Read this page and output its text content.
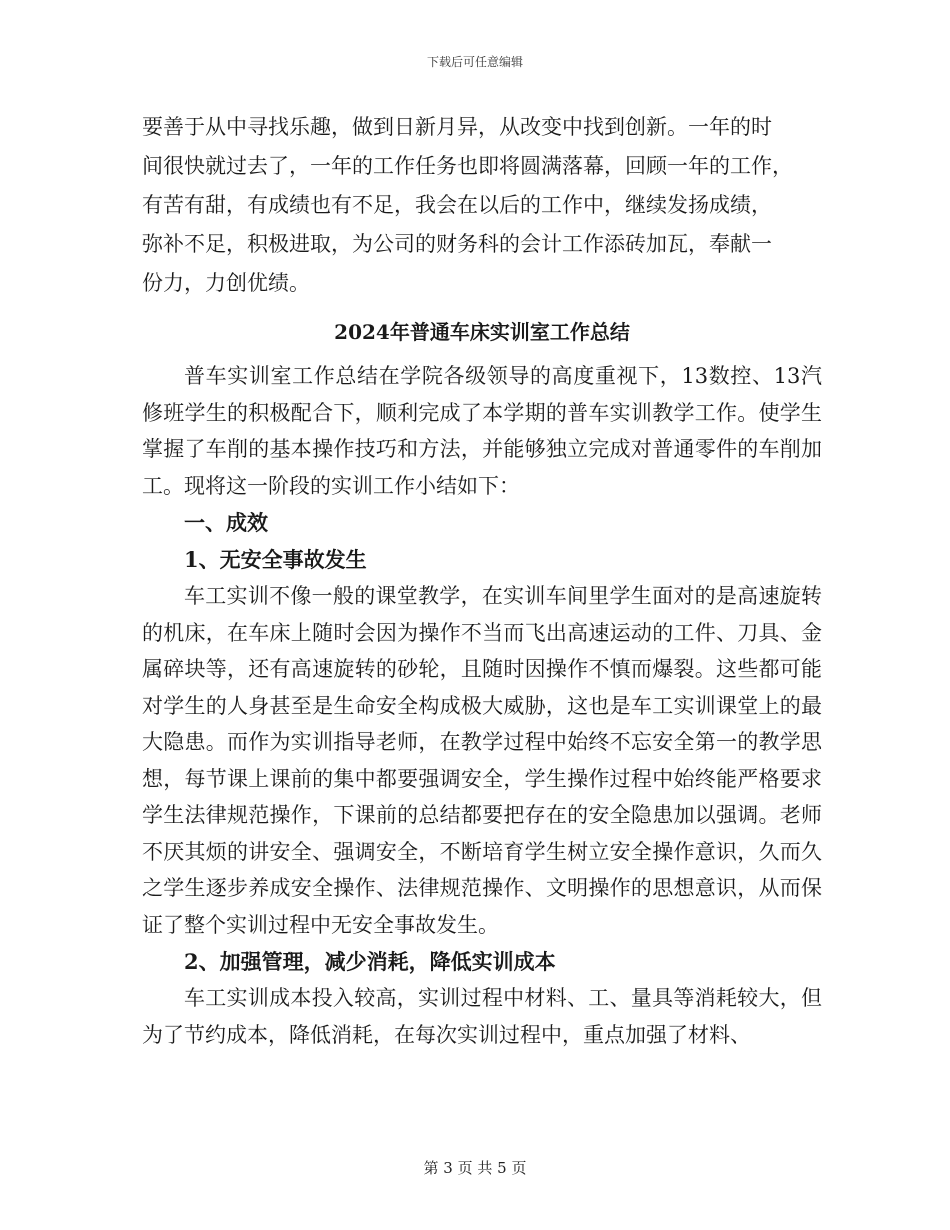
下载后可任意编辑

要善于从中寻找乐趣，做到日新月异，从改变中找到创新。一年的时

间很快就过去了，一年的工作任务也即将圆满落幕，回顾一年的工作，

有苦有甜，有成绩也有不足，我会在以后的工作中，继续发扬成绩，

弥补不足，积极进取，为公司的财务科的会计工作添砖加瓦，奉献一

份力，力创优绩。

2024年普通车床实训室工作总结

普车实训室工作总结在学院各级领导的高度重视下，13数控、13汽修班学生的积极配合下，顺利完成了本学期的普车实训教学工作。使学生掌握了车削的基本操作技巧和方法，并能够独立完成对普通零件的车削加工。现将这一阶段的实训工作小结如下：

一、成效

1、无安全事故发生

车工实训不像一般的课堂教学，在实训车间里学生面对的是高速旋转的机床，在车床上随时会因为操作不当而飞出高速运动的工件、刀具、金属碎块等，还有高速旋转的砂轮，且随时因操作不慎而爆裂。这些都可能对学生的人身甚至是生命安全构成极大威胁，这也是车工实训课堂上的最大隐患。而作为实训指导老师，在教学过程中始终不忘安全第一的教学思想，每节课上课前的集中都要强调安全，学生操作过程中始终能严格要求学生法律规范操作，下课前的总结都要把存在的安全隐患加以强调。老师不厌其烦的讲安全、强调安全，不断培育学生树立安全操作意识，久而久之学生逐步养成安全操作、法律规范操作、文明操作的思想意识，从而保证了整个实训过程中无安全事故发生。

2、加强管理，减少消耗，降低实训成本

车工实训成本投入较高，实训过程中材料、工、量具等消耗较大，但为了节约成本，降低消耗，在每次实训过程中，重点加强了材料、

第 3 页 共 5 页
